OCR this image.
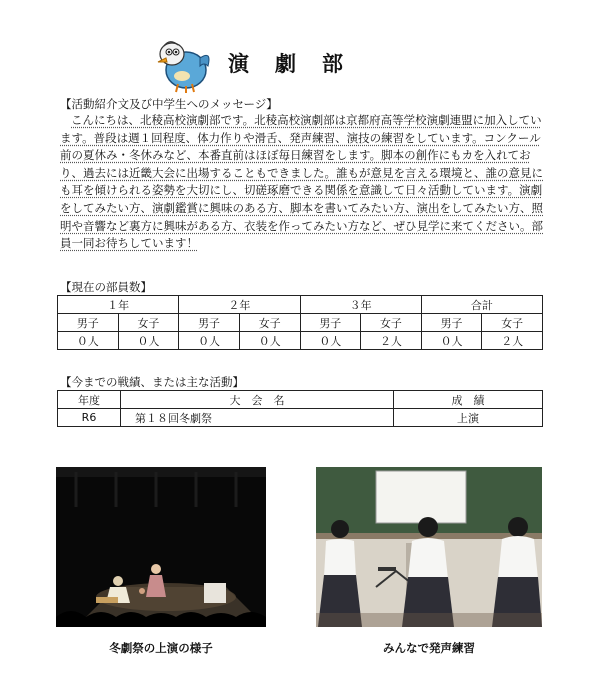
演劇部
【活動紹介文及び中学生へのメッセージ】

こんにちは、北稜高校演劇部です。北稜高校演劇部は京都府高等学校演劇連盟に加入しています。普段は週１回程度、体力作りや滑舌、発声練習、演技の練習をしています。コンクール前の夏休み・冬休みなど、本番直前はほぼ毎日練習をします。脚本の創作にもカを入れており、過去には近畿大会に出場することもできました。誰もが意見を言える環境と、誰の意見にも耳を傾けられる姿勢を大切にし、切磋琢磨できる関係を意識して日々活動しています。演劇をしてみたい方、演劇鑑賞に興味のある方、脚本を書いてみたい方、演出をしてみたい方、照明や音響など裏方に興味がある方、衣装を作ってみたい方など、ぜひ見学に来てください。部員一同お待ちしています！

【現在の部員数】
１年		２年		３年		合計	
男子	女子	男子	女子	男子	女子	男子	女子
０人	０人	０人	０人	０人	２人	０人	２人
【今までの戦績、または主な活動】
年度	大　会　名	成　績
R6	第１８回冬劇祭	上演
冬劇祭の上演の様子	みんなで発声練習
